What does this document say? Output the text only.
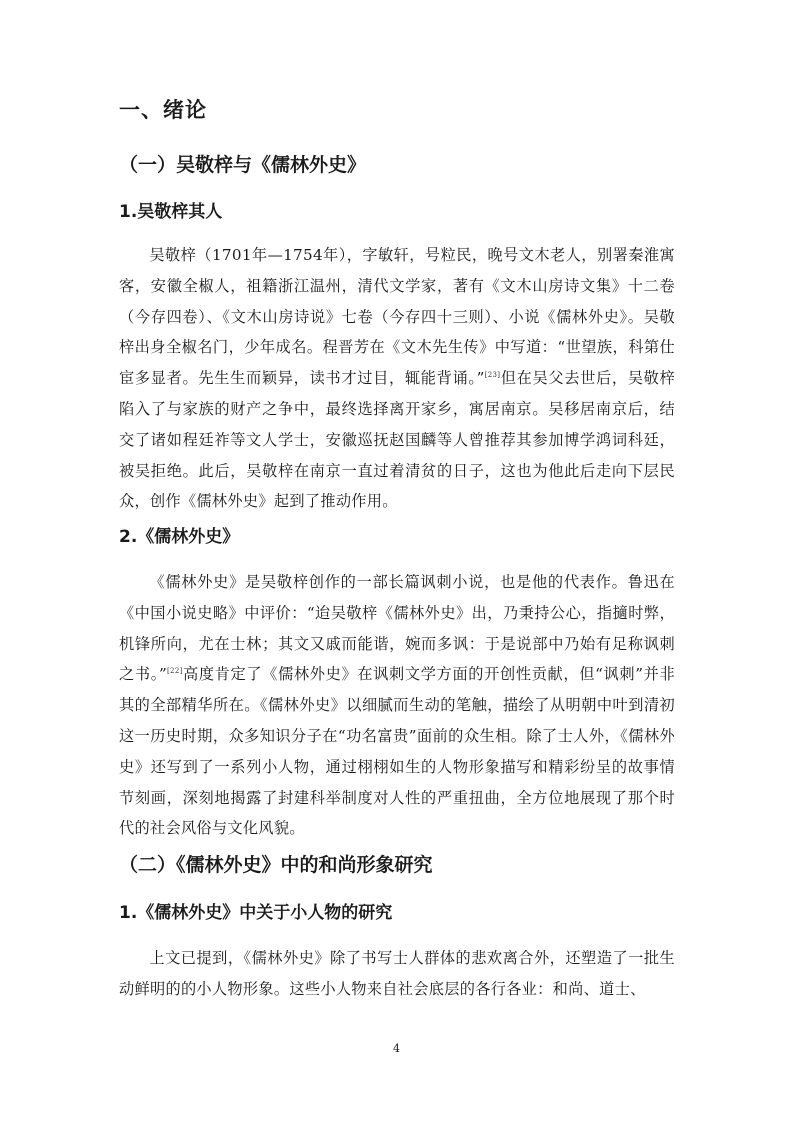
一、绪论
（一）吴敬梓与《儒林外史》
1.吴敬梓其人

吴敬梓（1701年—1754年），字敏轩，号粒民，晚号文木老人，别署秦淮寓客，安徽全椒人，祖籍浙江温州，清代文学家，著有《文木山房诗文集》十二卷（今存四卷）、《文木山房诗说》七卷（今存四十三则）、小说《儒林外史》。吴敬梓出身全椒名门，少年成名。程晋芳在《文木先生传》中写道：“世望族，科第仕宦多显者。先生生而颖异，读书才过目，辄能背诵。”[23]但在吴父去世后，吴敬梓陷入了与家族的财产之争中，最终选择离开家乡，寓居南京。吴移居南京后，结交了诸如程廷祚等文人学士，安徽巡抚赵国麟等人曾推荐其参加博学鸿词科廷，被吴拒绝。此后，吴敬梓在南京一直过着清贫的日子，这也为他此后走向下层民众，创作《儒林外史》起到了推动作用。

2.《儒林外史》

《儒林外史》是吴敬梓创作的一部长篇讽刺小说，也是他的代表作。鲁迅在《中国小说史略》中评价：“迨吴敬梓《儒林外史》出，乃秉持公心，指擿时弊，机锋所向，尤在士林；其文又戚而能谐，婉而多讽：于是说部中乃始有足称讽刺之书。”[22]高度肯定了《儒林外史》在讽刺文学方面的开创性贡献，但“讽刺”并非其的全部精华所在。《儒林外史》以细腻而生动的笔触，描绘了从明朝中叶到清初这一历史时期，众多知识分子在“功名富贵”面前的众生相。除了士人外，《儒林外史》还写到了一系列小人物，通过栩栩如生的人物形象描写和精彩纷呈的故事情节刻画，深刻地揭露了封建科举制度对人性的严重扭曲，全方位地展现了那个时代的社会风俗与文化风貌。

（二）《儒林外史》中的和尚形象研究
1.《儒林外史》中关于小人物的研究

上文已提到，《儒林外史》除了书写士人群体的悲欢离合外，还塑造了一批生动鲜明的的小人物形象。这些小人物来自社会底层的各行各业：和尚、道士、

4
